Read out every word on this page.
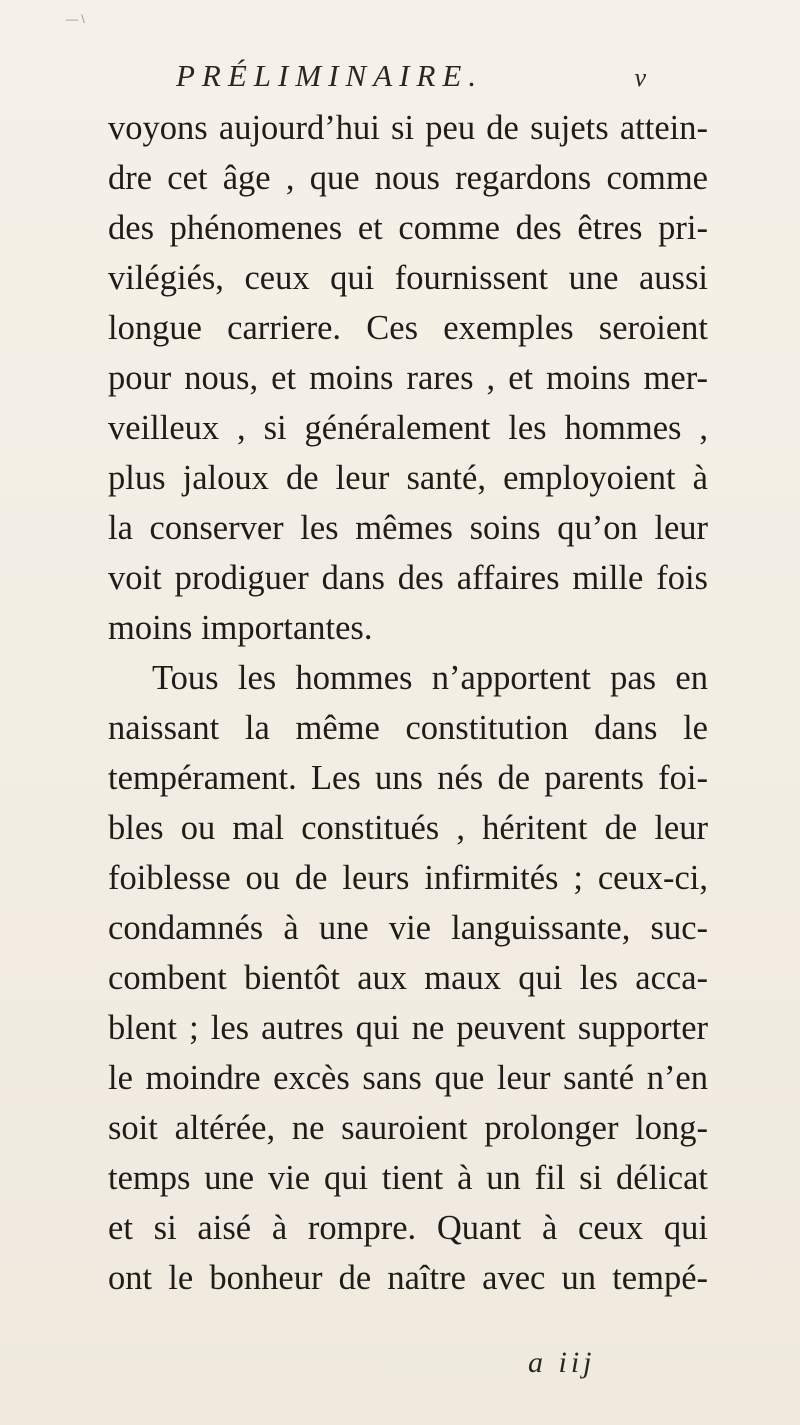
— \
PRÉLIMINAIRE.	v
voyons aujourd’hui si peu de sujets attein-
dre cet âge , que nous regardons comme
des phénomenes et comme des êtres pri-
vilégiés, ceux qui fournissent une aussi
longue carriere. Ces exemples seroient
pour nous, et moins rares , et moins mer-
veilleux , si généralement les hommes ,
plus jaloux de leur santé, employoient à
la conserver les mêmes soins qu’on leur
voit prodiguer dans des affaires mille fois
moins importantes.
Tous les hommes n’apportent pas en
naissant la même constitution dans le
tempérament. Les uns nés de parents foi-
bles ou mal constitués , héritent de leur
foiblesse ou de leurs infirmités ; ceux-ci,
condamnés à une vie languissante, suc-
combent bientôt aux maux qui les acca-
blent ; les autres qui ne peuvent supporter
le moindre excès sans que leur santé n’en
soit altérée, ne sauroient prolonger long-
temps une vie qui tient à un fil si délicat
et si aisé à rompre. Quant à ceux qui
ont le bonheur de naître avec un tempé-
a iij
